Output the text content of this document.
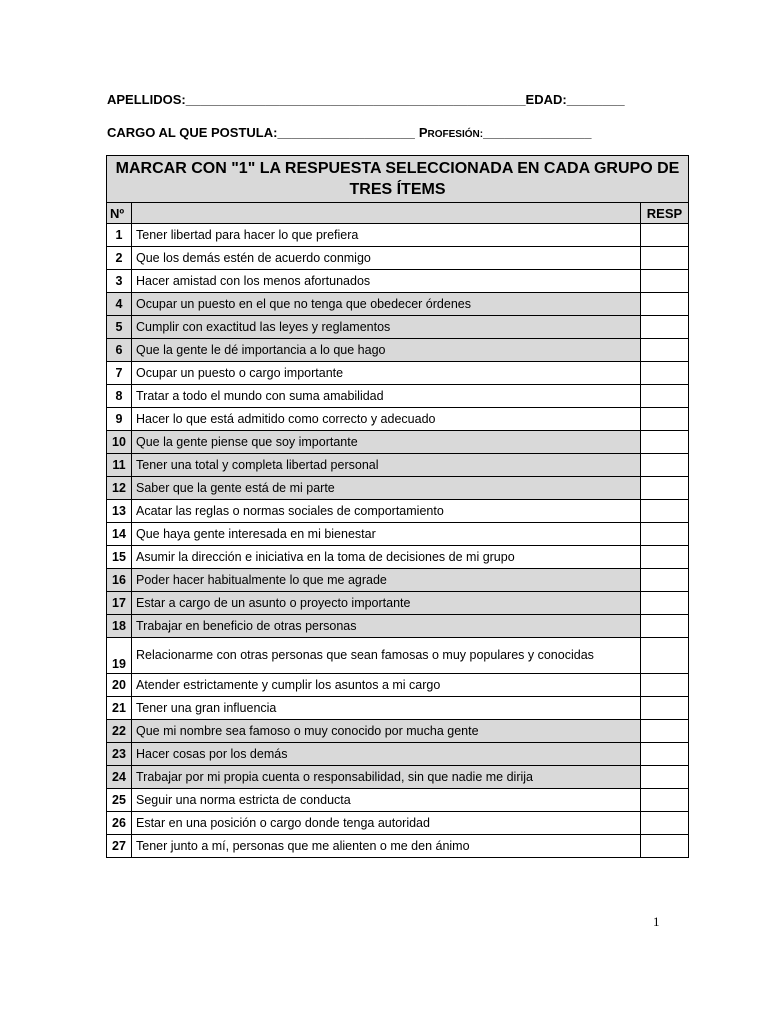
APELLIDOS:_______________________________________________EDAD:________
CARGO AL QUE POSTULA:___________________ PROFESIÓN:_______________
MARCAR CON "1" LA RESPUESTA SELECCIONADA EN CADA GRUPO DE TRES ÍTEMS		
Nº		RESP
1	Tener libertad para hacer lo que prefiera	
2	Que los demás estén de acuerdo conmigo	
3	Hacer amistad con los menos afortunados	
4	Ocupar un puesto en el que no tenga que obedecer órdenes	
5	Cumplir con exactitud las leyes y reglamentos	
6	Que la gente le dé importancia a lo que hago	
7	Ocupar un puesto o cargo importante	
8	Tratar a todo el mundo con suma amabilidad	
9	Hacer lo que está admitido como correcto y adecuado	
10	Que la gente piense que soy importante	
11	Tener una total y completa libertad personal	
12	Saber que la gente está de mi parte	
13	Acatar las reglas o normas sociales de comportamiento	
14	Que haya gente interesada en mi bienestar	
15	Asumir la dirección e iniciativa en la toma de decisiones de mi grupo	
16	Poder hacer habitualmente lo que me agrade	
17	Estar a cargo de un asunto o proyecto importante	
18	Trabajar en beneficio de otras personas	
19	Relacionarme con otras personas que sean famosas o muy populares y conocidas	
20	Atender estrictamente y cumplir los asuntos a mi cargo	
21	Tener una gran influencia	
22	Que mi nombre sea famoso o muy conocido por mucha gente	
23	Hacer cosas por los demás	
24	Trabajar por mi propia cuenta o responsabilidad, sin que nadie me dirija	
25	Seguir una norma estricta de conducta	
26	Estar en una posición o cargo donde tenga autoridad	
27	Tener junto a mí, personas que me alienten o me den ánimo	
1
